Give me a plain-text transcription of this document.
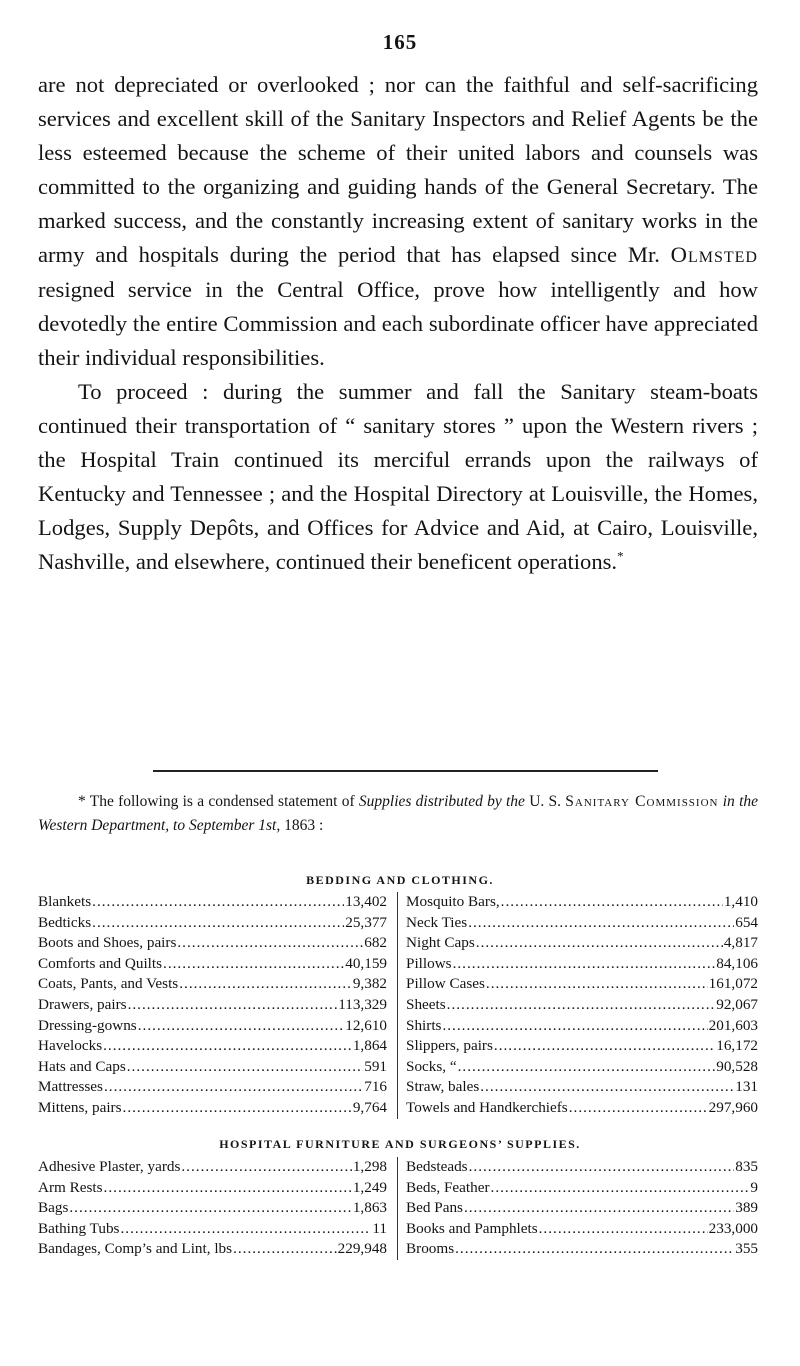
165

are not depreciated or overlooked ; nor can the faithful and self-sacrificing services and excellent skill of the Sanitary Inspectors and Relief Agents be the less esteemed because the scheme of their united labors and counsels was committed to the organizing and guiding hands of the General Secretary. The marked success, and the constantly increasing extent of sanitary works in the army and hospitals during the period that has elapsed since Mr. Olmsted resigned service in the Central Office, prove how intelligently and how devotedly the entire Commission and each subordinate officer have appreciated their individual responsibilities.

To proceed : during the summer and fall the Sanitary steam-boats continued their transportation of “ sanitary stores ” upon the Western rivers ; the Hospital Train continued its merciful errands upon the railways of Kentucky and Tennessee ; and the Hospital Directory at Louisville, the Homes, Lodges, Supply Depôts, and Offices for Advice and Aid, at Cairo, Louisville, Nashville, and elsewhere, continued their beneficent operations.*

* The following is a condensed statement of Supplies distributed by the U. S. Sanitary Commission in the Western Department, to September 1st, 1863 :

BEDDING AND CLOTHING.
Blankets .....	13,402
Bedticks .....	25,377
Boots and Shoes, pairs .....	682
Comforts and Quilts .....	40,159
Coats, Pants, and Vests .....	9,382
Drawers, pairs .....	113,329
Dressing-gowns .....	12,610
Havelocks .....	1,864
Hats and Caps .....	591
Mattresses .....	716
Mittens, pairs .....	9,764
Mosquito Bars, .....	1,410
Neck Ties .....	654
Night Caps .....	4,817
Pillows .....	84,106
Pillow Cases .....	161,072
Sheets .....	92,067
Shirts .....	201,603
Slippers, pairs .....	16,172
Socks, “ .....	90,528
Straw, bales .....	131
Towels and Handkerchiefs .....	297,960
HOSPITAL FURNITURE AND SURGEONS’ SUPPLIES.
Adhesive Plaster, yards .....	1,298
Arm Rests .....	1,249
Bags .....	1,863
Bathing Tubs .....	11
Bandages, Comp’s and Lint, lbs .....	229,948
Bedsteads .....	835
Beds, Feather .....	9
Bed Pans .....	389
Books and Pamphlets .....	233,000
Brooms .....	355
